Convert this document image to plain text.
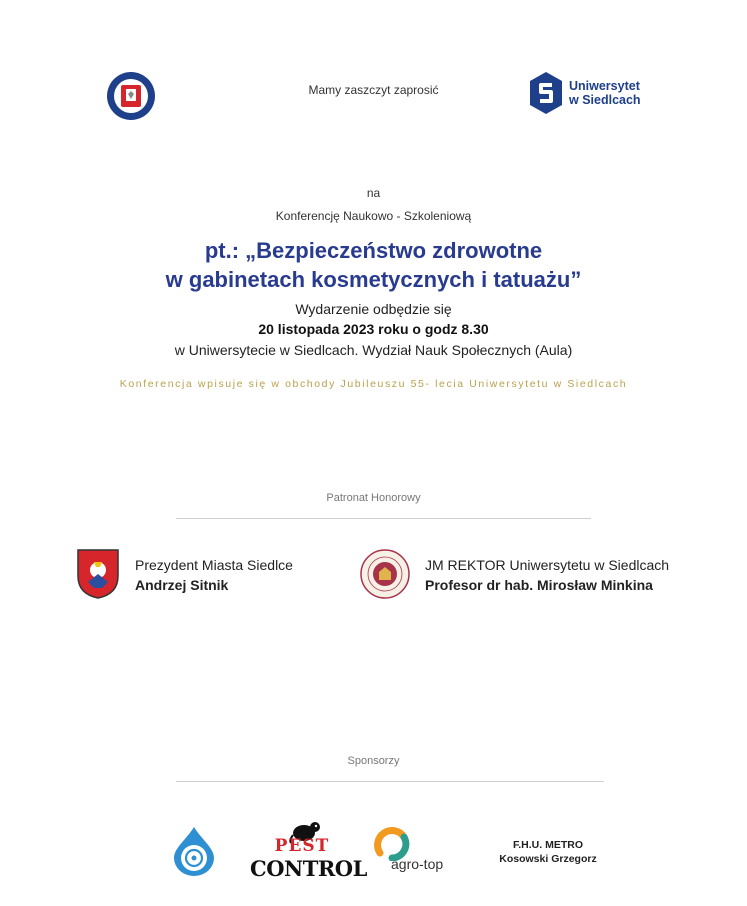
Mamy zaszczyt zaprosić	Uniwersytet
w Siedlcach
na
Konferencję Naukowo - Szkoleniową
pt.: „Bezpieczeństwo zdrowotne
w gabinetach kosmetycznych i tatuażu”
Wydarzenie odbędzie się
20 listopada 2023 roku o godz 8.30
w Uniwersytecie w Siedlcach. Wydział Nauk Społecznych (Aula)
Konferencja wpisuje się w obchody Jubileuszu 55- lecia Uniwersytetu w Siedlcach
Patronat Honorowy
Prezydent Miasta Siedlce
Andrzej Sitnik
JM REKTOR Uniwersytetu w Siedlcach
Profesor dr hab. Mirosław Minkina
Sponsorzy
PEST
CONTROL agro-top
F.H.U. METRO
Kosowski Grzegorz
